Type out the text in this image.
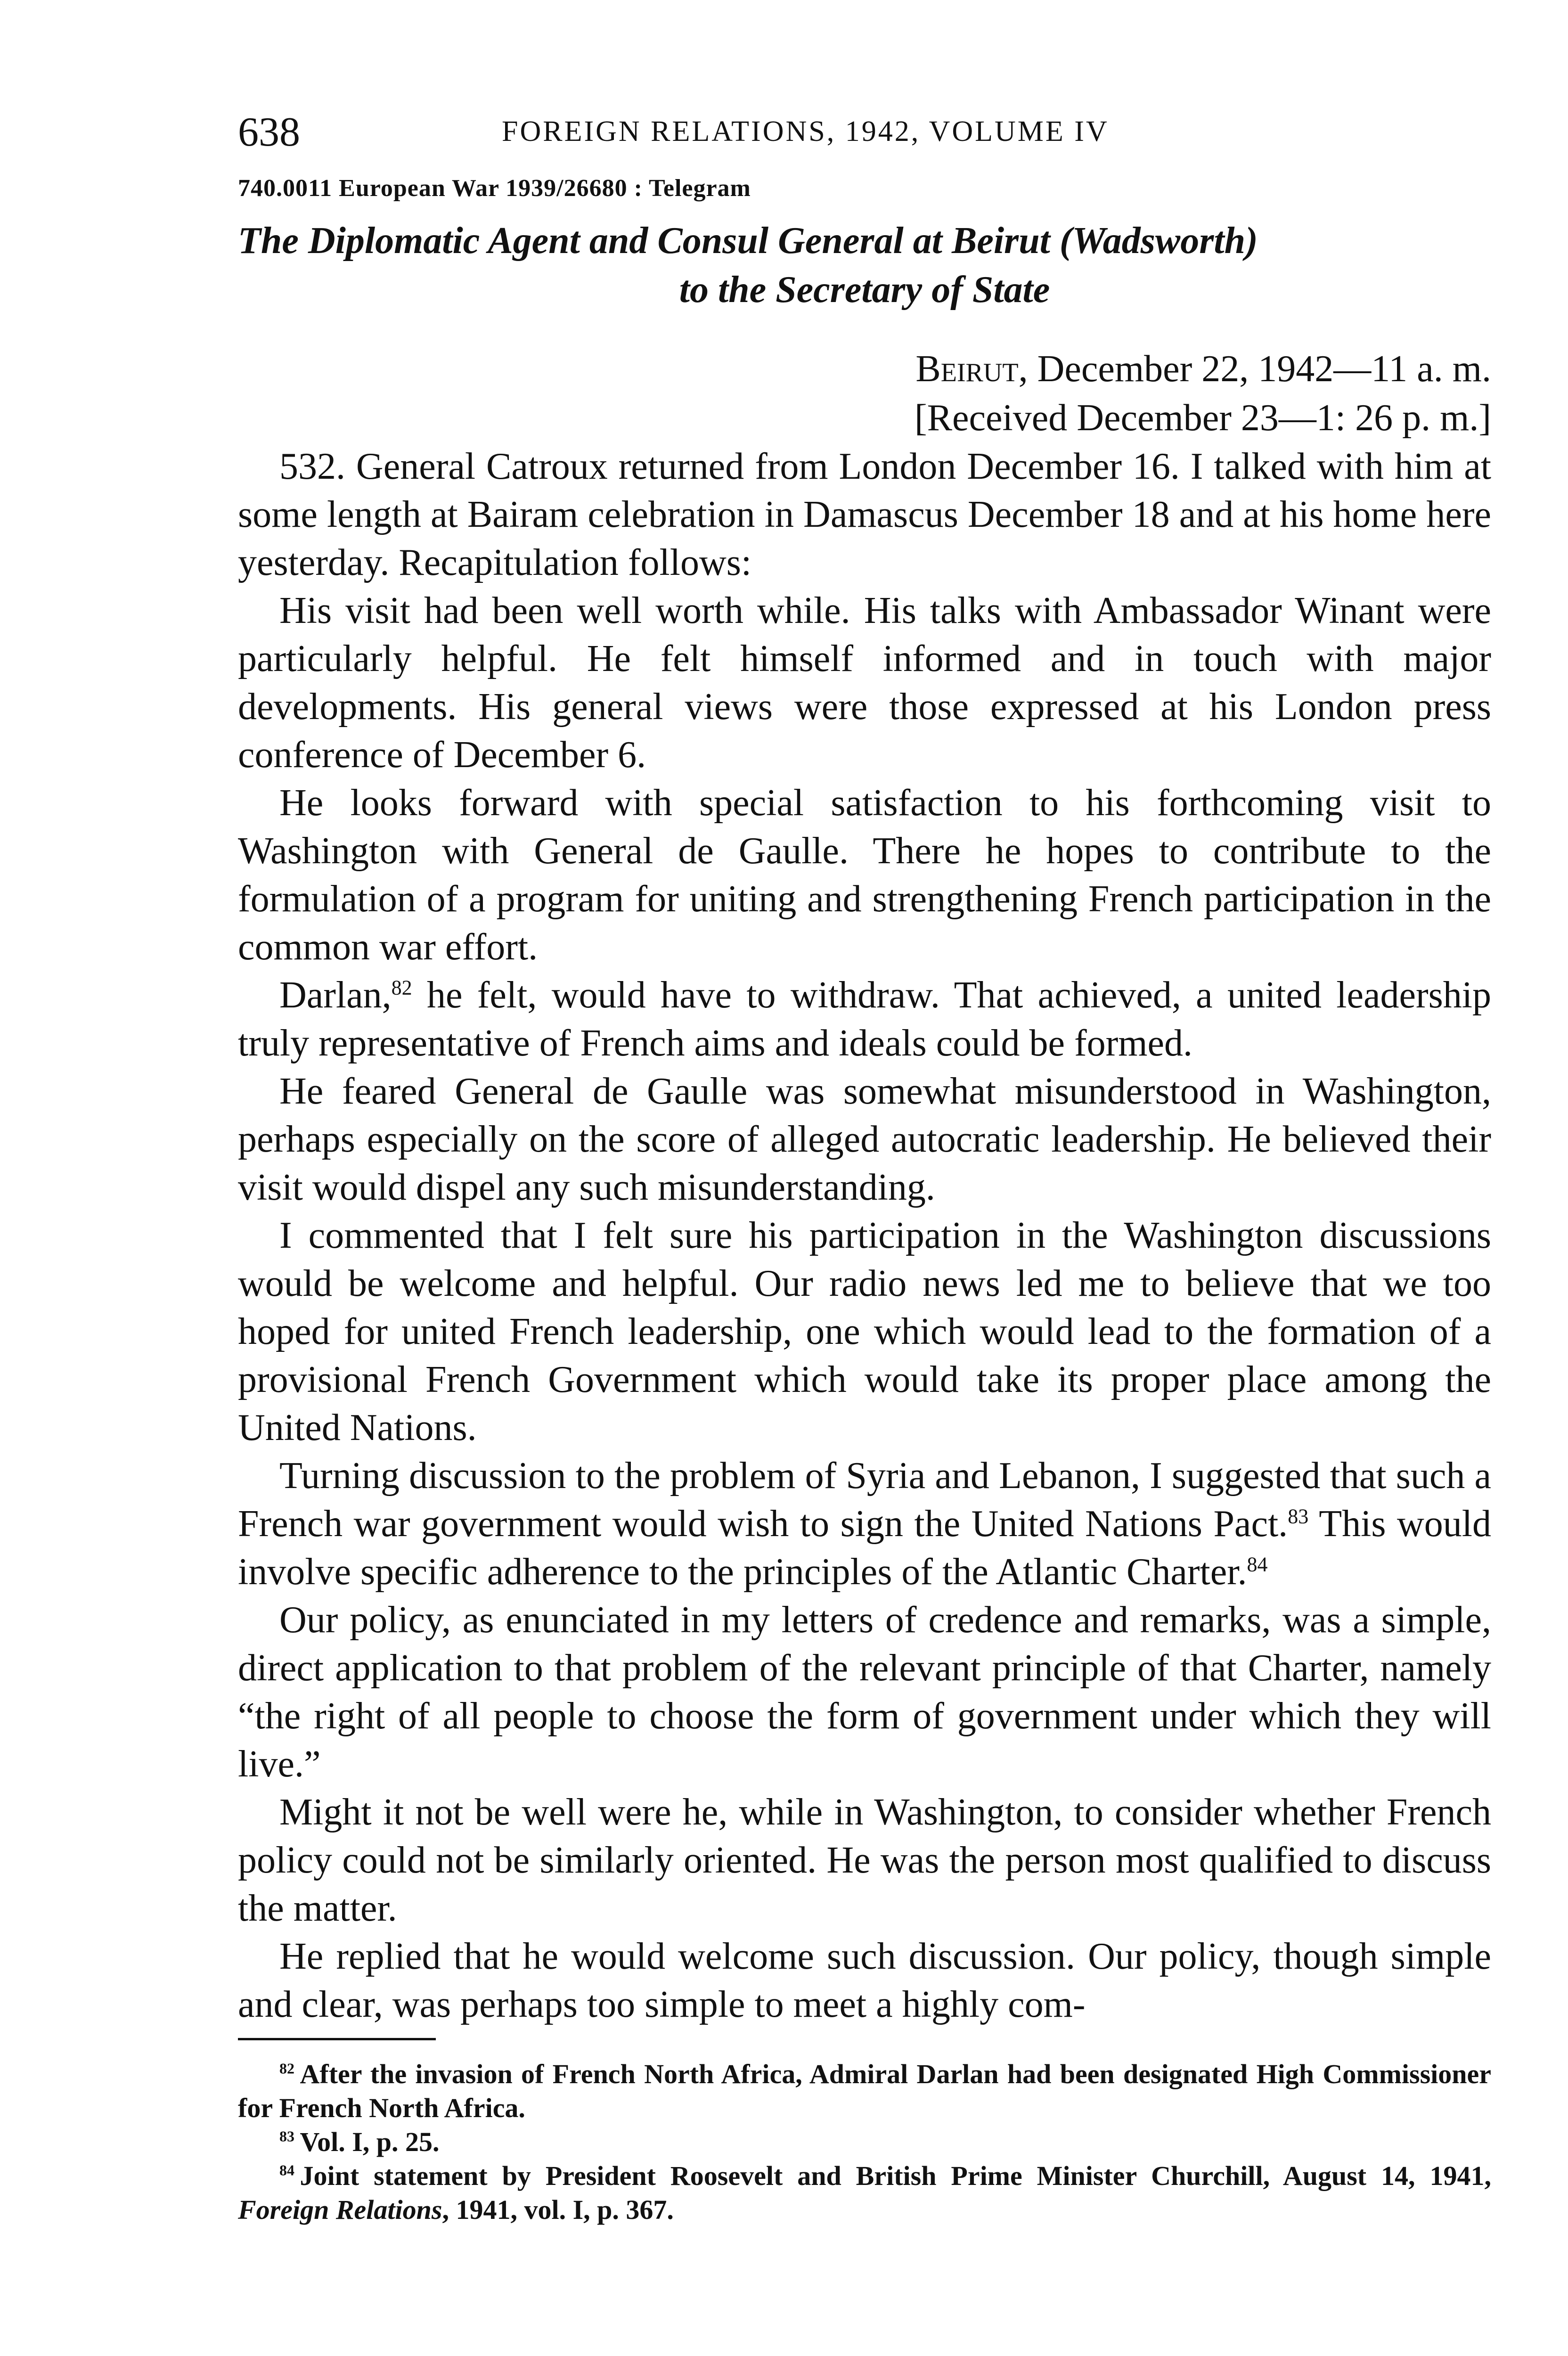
638	FOREIGN RELATIONS, 1942, VOLUME IV
740.0011 European War 1939/26680 : Telegram
The Diplomatic Agent and Consul General at Beirut (Wadsworth)
to the Secretary of State
Beirut, December 22, 1942—11 a. m.
[Received December 23—1: 26 p. m.]

532. General Catroux returned from London December 16. I talked with him at some length at Bairam celebration in Damascus December 18 and at his home here yesterday. Recapitulation follows:

His visit had been well worth while. His talks with Ambassador Winant were particularly helpful. He felt himself informed and in touch with major developments. His general views were those expressed at his London press conference of December 6.

He looks forward with special satisfaction to his forthcoming visit to Washington with General de Gaulle. There he hopes to contribute to the formulation of a program for uniting and strengthening French participation in the common war effort.

Darlan,$^{82}$ he felt, would have to withdraw. That achieved, a united leadership truly representative of French aims and ideals could be formed.

He feared General de Gaulle was somewhat misunderstood in Washington, perhaps especially on the score of alleged autocratic leadership. He believed their visit would dispel any such misunderstanding.

I commented that I felt sure his participation in the Washington discussions would be welcome and helpful. Our radio news led me to believe that we too hoped for united French leadership, one which would lead to the formation of a provisional French Government which would take its proper place among the United Nations.

Turning discussion to the problem of Syria and Lebanon, I suggested that such a French war government would wish to sign the United Nations Pact.$^{83}$ This would involve specific adherence to the principles of the Atlantic Charter.$^{84}$

Our policy, as enunciated in my letters of credence and remarks, was a simple, direct application to that problem of the relevant principle of that Charter, namely “the right of all people to choose the form of government under which they will live.”

Might it not be well were he, while in Washington, to consider whether French policy could not be similarly oriented. He was the person most qualified to discuss the matter.

He replied that he would welcome such discussion. Our policy, though simple and clear, was perhaps too simple to meet a highly com-

$^{82}$  After the invasion of French North Africa, Admiral Darlan had been designated High Commissioner for French North Africa.

$^{83}$  Vol. I, p. 25.

$^{84}$  Joint statement by President Roosevelt and British Prime Minister Churchill, August 14, 1941, Foreign Relations, 1941, vol. I, p. 367.
